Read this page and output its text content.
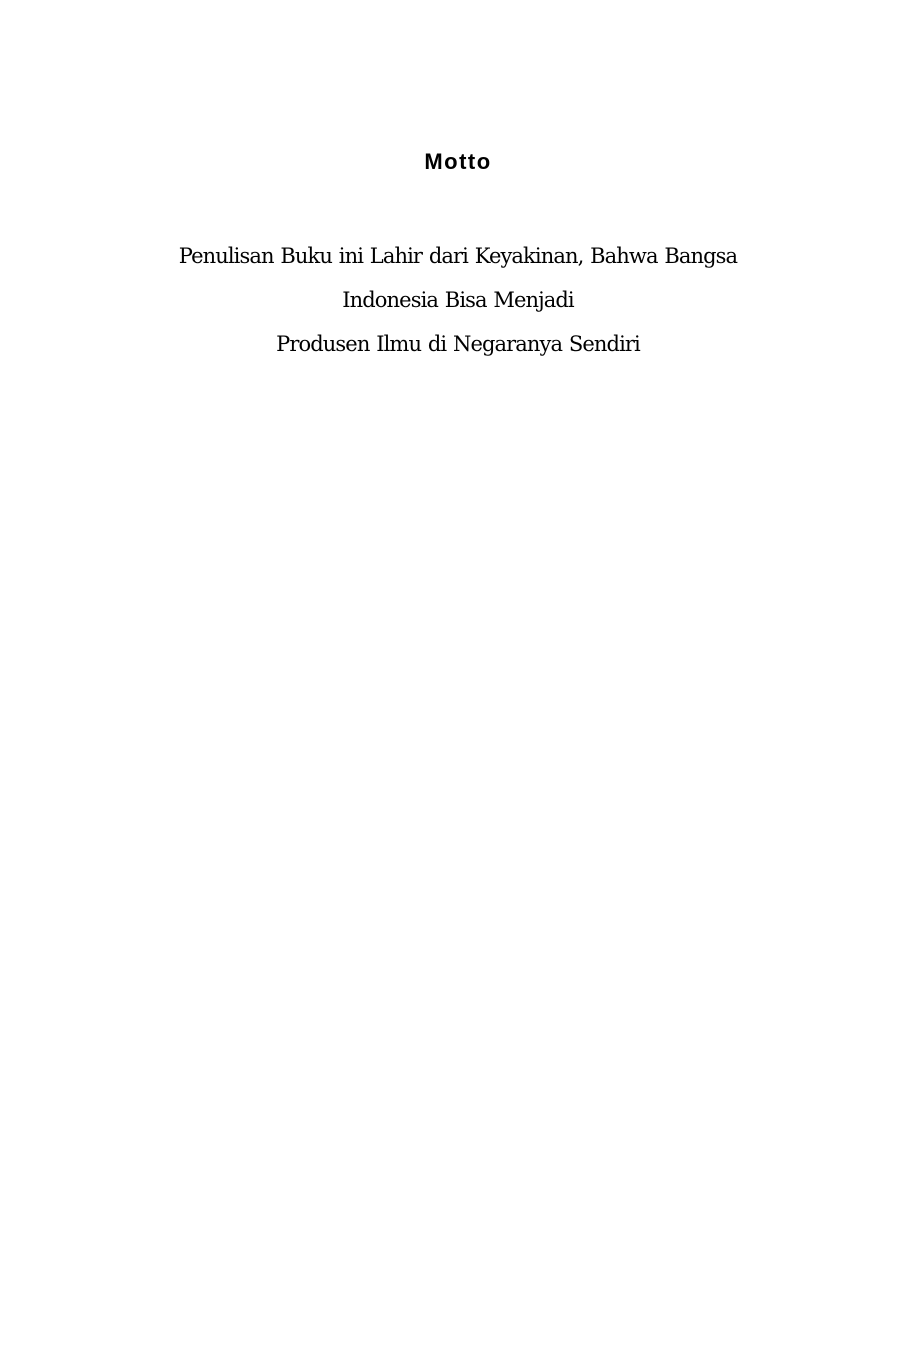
Motto
Penulisan Buku ini Lahir dari Keyakinan, Bahwa Bangsa
Indonesia Bisa Menjadi
Produsen Ilmu di Negaranya Sendiri
